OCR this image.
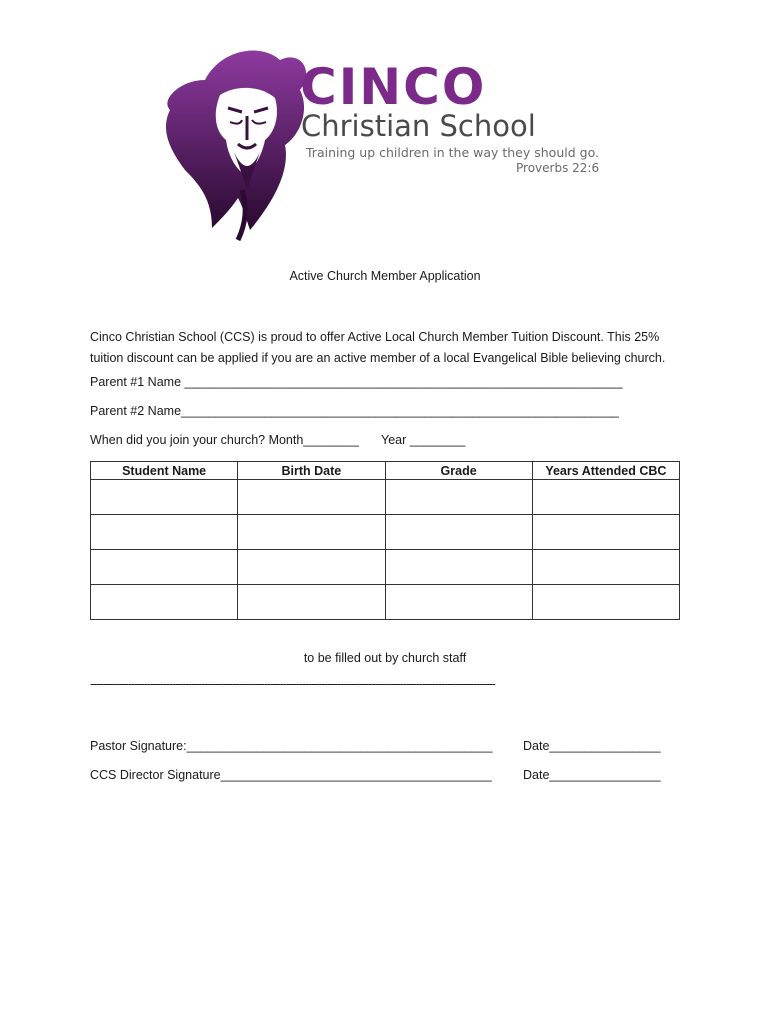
CINCO
Christian School
Training up children in the way they should go.
Proverbs 22:6
Active Church Member Application
Cinco Christian School (CCS) is proud to offer Active Local Church Member Tuition Discount. This 25%
tuition discount can be applied if you are an active member of a local Evangelical Bible believing church.
Parent #1 Name _______________________________________________________________
Parent #2 Name_______________________________________________________________
When did you join your church? Month________ Year ________
Student Name	Birth Date	Grade	Years Attended CBC

to be filled out by church staff
--------------------------------------------------------------------------------------------------------------------------------
Pastor Signature:____________________________________________ Date________________
CCS Director Signature_______________________________________	Date________________
